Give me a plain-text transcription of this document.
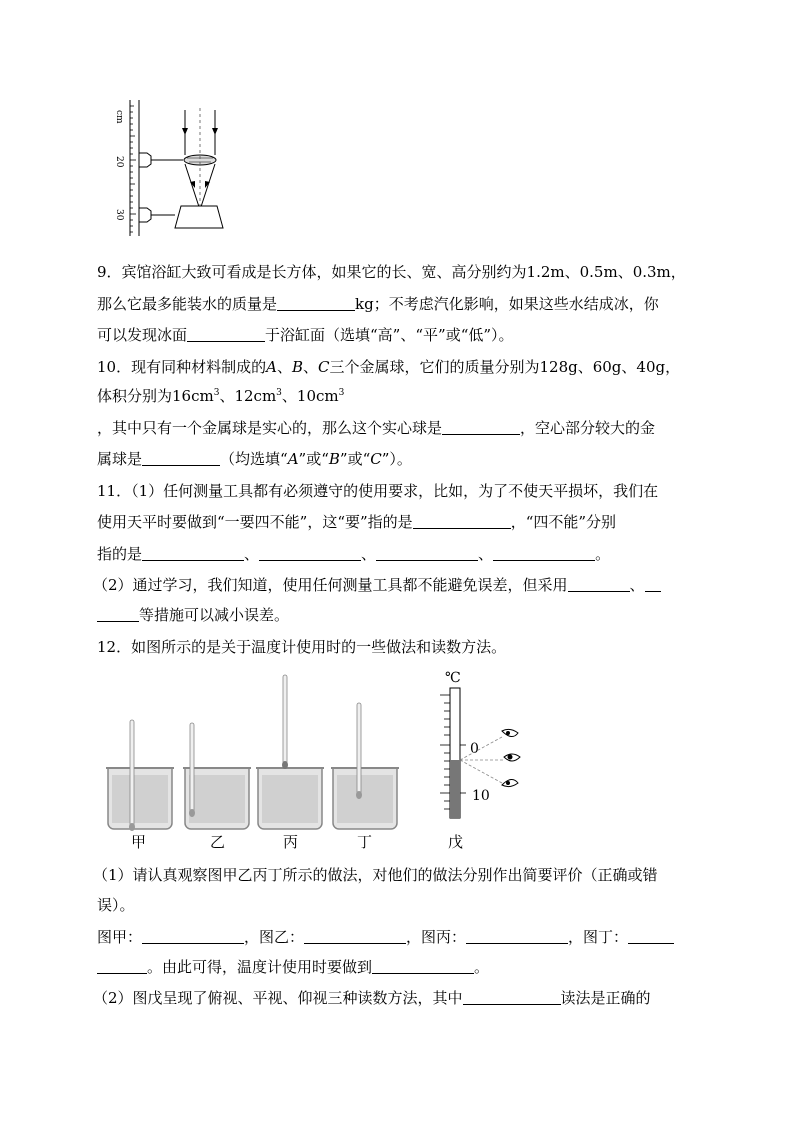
cm
20
30
9．宾馆浴缸大致可看成是长方体，如果它的长、宽、高分别约为1.2m、0.5m、0.3m，
那么它最多能装水的质量是	kg；不考虑汽化影响，如果这些水结成冰，你
可以发现冰面	于浴缸面（选填“高”、“平”或“低”）。
10．现有同种材料制成的A、B、C三个金属球，它们的质量分别为128g、60g、40g，
体积分别为$16cm^3$、$12cm^3$、$10cm^3$
，其中只有一个金属球是实心的，那么这个实心球是	，空心部分较大的金
属球是	（均选填“A”或“B”或“C”）。
11．（1）任何测量工具都有必须遵守的使用要求，比如，为了不使天平损坏，我们在
使用天平时要做到“一要四不能”，这“要”指的是	，“四不能”分别
指的是	、	、	、	。
（2）通过学习，我们知道，使用任何测量工具都不能避免误差，但采用	、
等措施可以减小误差。
12．如图所示的是关于温度计使用时的一些做法和读数方法。
℃
0
10
甲	乙	丙	丁	戊
（1）请认真观察图甲乙丙丁所示的做法，对他们的做法分别作出简要评价（正确或错
误）。
图甲：	，图乙：	，图丙：	，图丁：
。由此可得，温度计使用时要做到	。
（2）图戊呈现了俯视、平视、仰视三种读数方法，其中	读法是正确的
